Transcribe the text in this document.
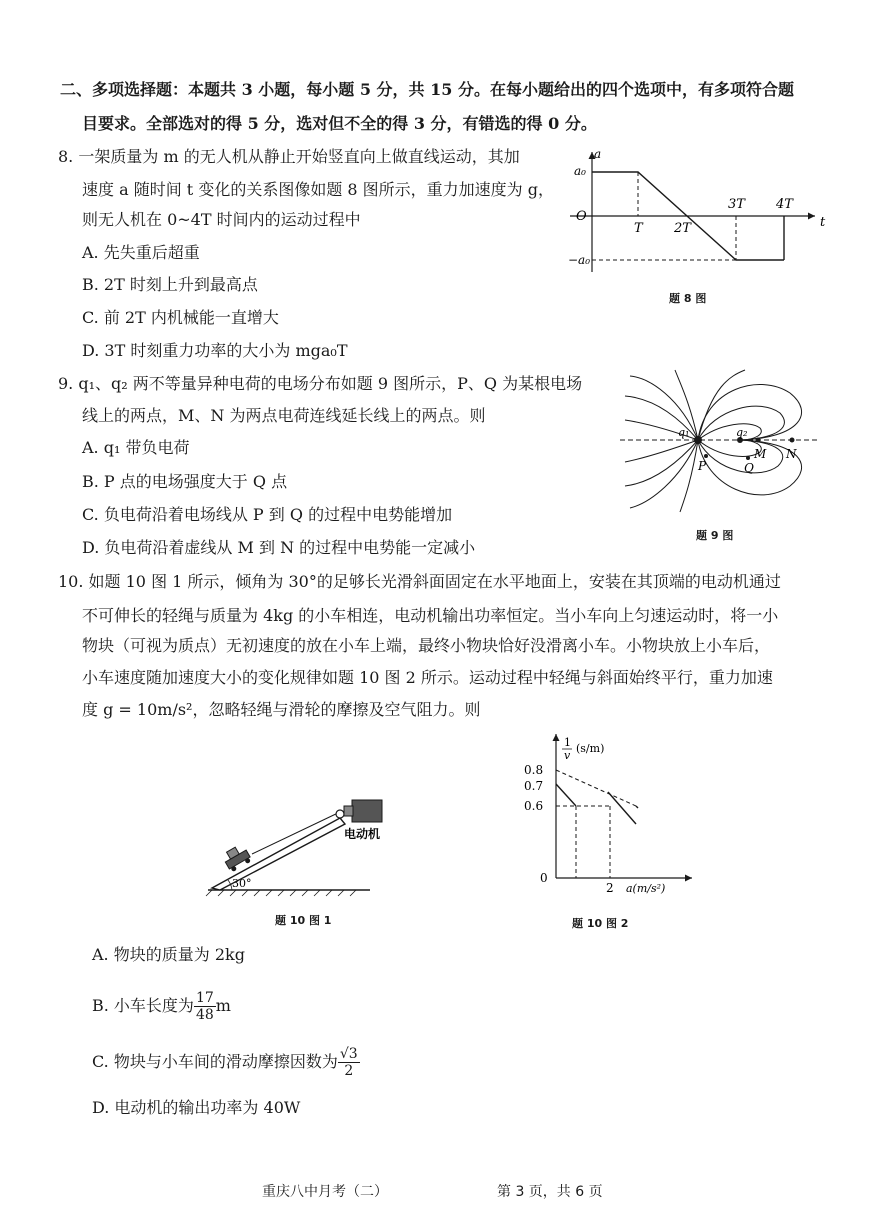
二、多项选择题：本题共 3 小题，每小题 5 分，共 15 分。在每小题给出的四个选项中，有多项符合题
目要求。全部选对的得 5 分，选对但不全的得 3 分，有错选的得 0 分。
8. 一架质量为 m 的无人机从静止开始竖直向上做直线运动，其加
速度 a 随时间 t 变化的关系图像如题 8 图所示，重力加速度为 g，
则无人机在 0~4T 时间内的运动过程中
A. 先失重后超重
B. 2T 时刻上升到最高点
C. 前 2T 内机械能一直增大
D. 3T 时刻重力功率的大小为 mga₀T
a
t
a₀
−a₀
O
T 2T
3T 4T
题 8 图
9. q₁、q₂ 两不等量异种电荷的电场分布如题 9 图所示，P、Q 为某根电场
线上的两点，M、N 为两点电荷连线延长线上的两点。则
A. q₁ 带负电荷
B. P 点的电场强度大于 Q 点
C. 负电荷沿着电场线从 P 到 Q 的过程中电势能增加
D. 负电荷沿着虚线从 M 到 N 的过程中电势能一定减小
q₁	q₂
P	Q
M N
题 9 图
10. 如题 10 图 1 所示，倾角为 30°的足够长光滑斜面固定在水平地面上，安装在其顶端的电动机通过
不可伸长的轻绳与质量为 4kg 的小车相连，电动机输出功率恒定。当小车向上匀速运动时，将一小
物块（可视为质点）无初速度的放在小车上端，最终小物块恰好没滑离小车。小物块放上小车后，
小车速度随加速度大小的变化规律如题 10 图 2 所示。运动过程中轻绳与斜面始终平行，重力加速
度 g = 10m/s²，忽略轻绳与滑轮的摩擦及空气阻力。则
30°
电动机
题 10 图 1
1
v
(s/m)
0.8
0.7
0.6
0
2 a(m/s²)
题 10 图 2
A. 物块的质量为 2kg
B. 小车长度为 $\frac{17}{48}$ m
C. 物块与小车间的滑动摩擦因数为 $\frac{√3}{2}$
D. 电动机的输出功率为 40W
重庆八中月考（二）	第 3 页，共 6 页
